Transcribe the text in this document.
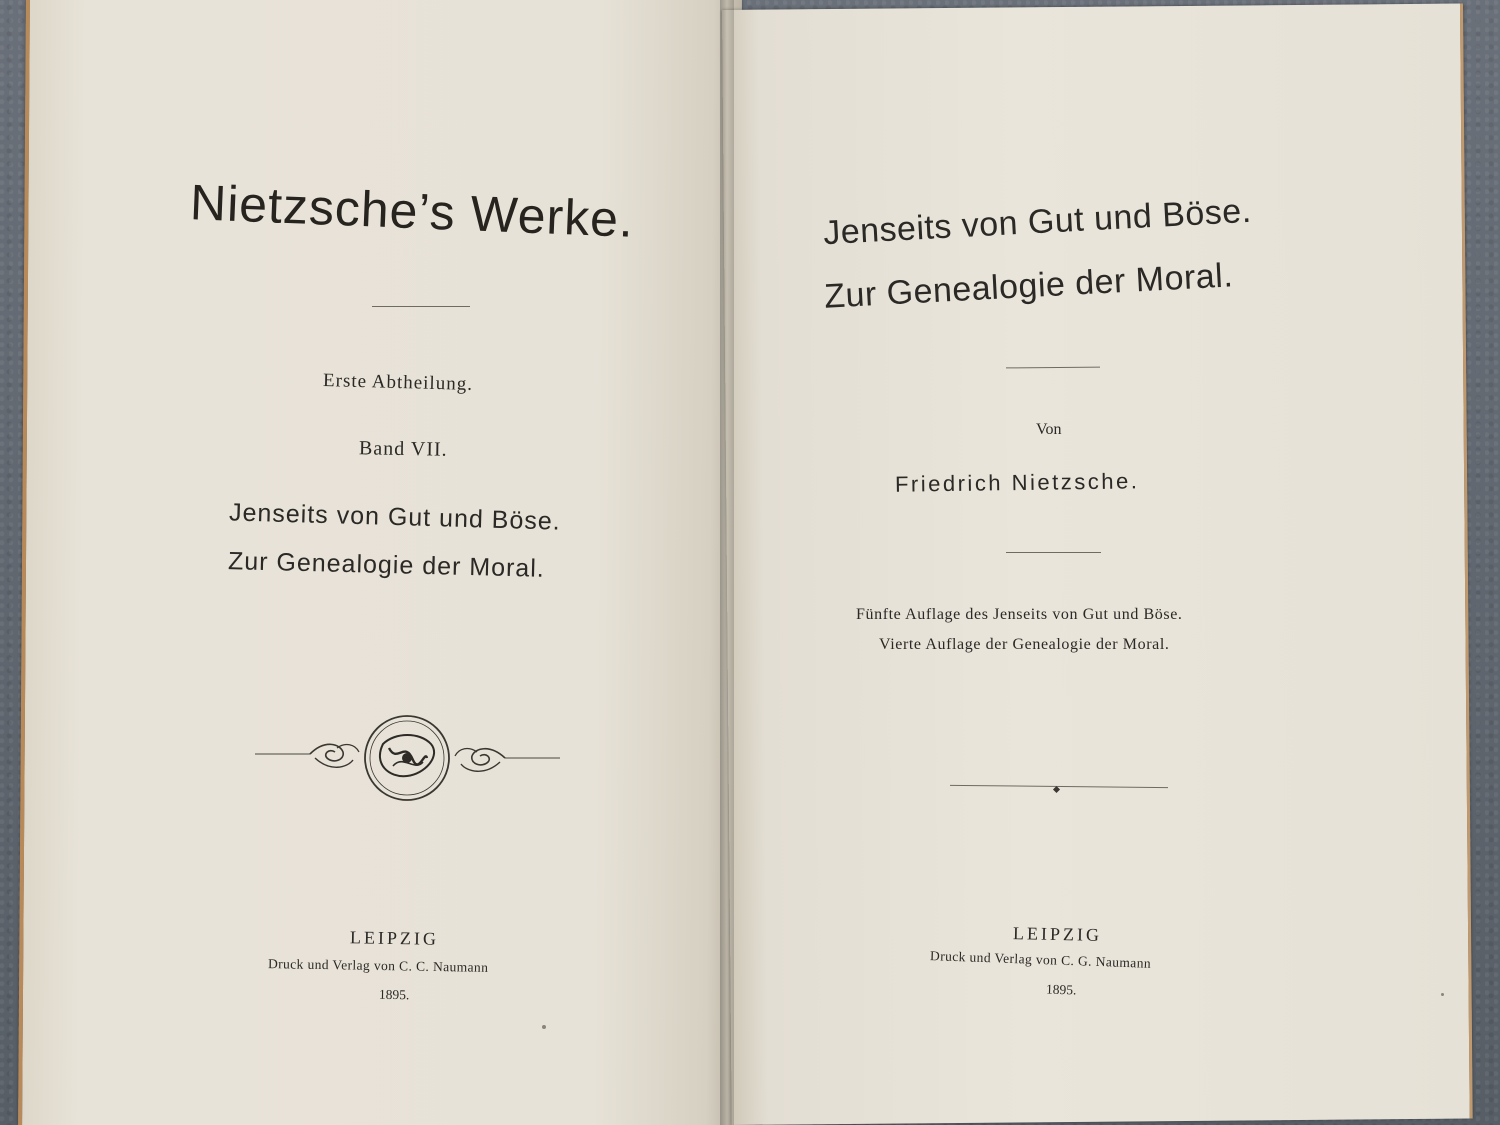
Nietzsche’s Werke.
Erste Abtheilung.
Band VII.
Jenseits von Gut und Böse.
Zur Genealogie der Moral.
LEIPZIG
Druck und Verlag von C. C. Naumann
1895.
Jenseits von Gut und Böse.
Zur Genealogie der Moral.
Von
Friedrich Nietzsche.
Fünfte Auflage des Jenseits von Gut und Böse.
Vierte Auflage der Genealogie der Moral.
LEIPZIG
Druck und Verlag von C. G. Naumann
1895.
